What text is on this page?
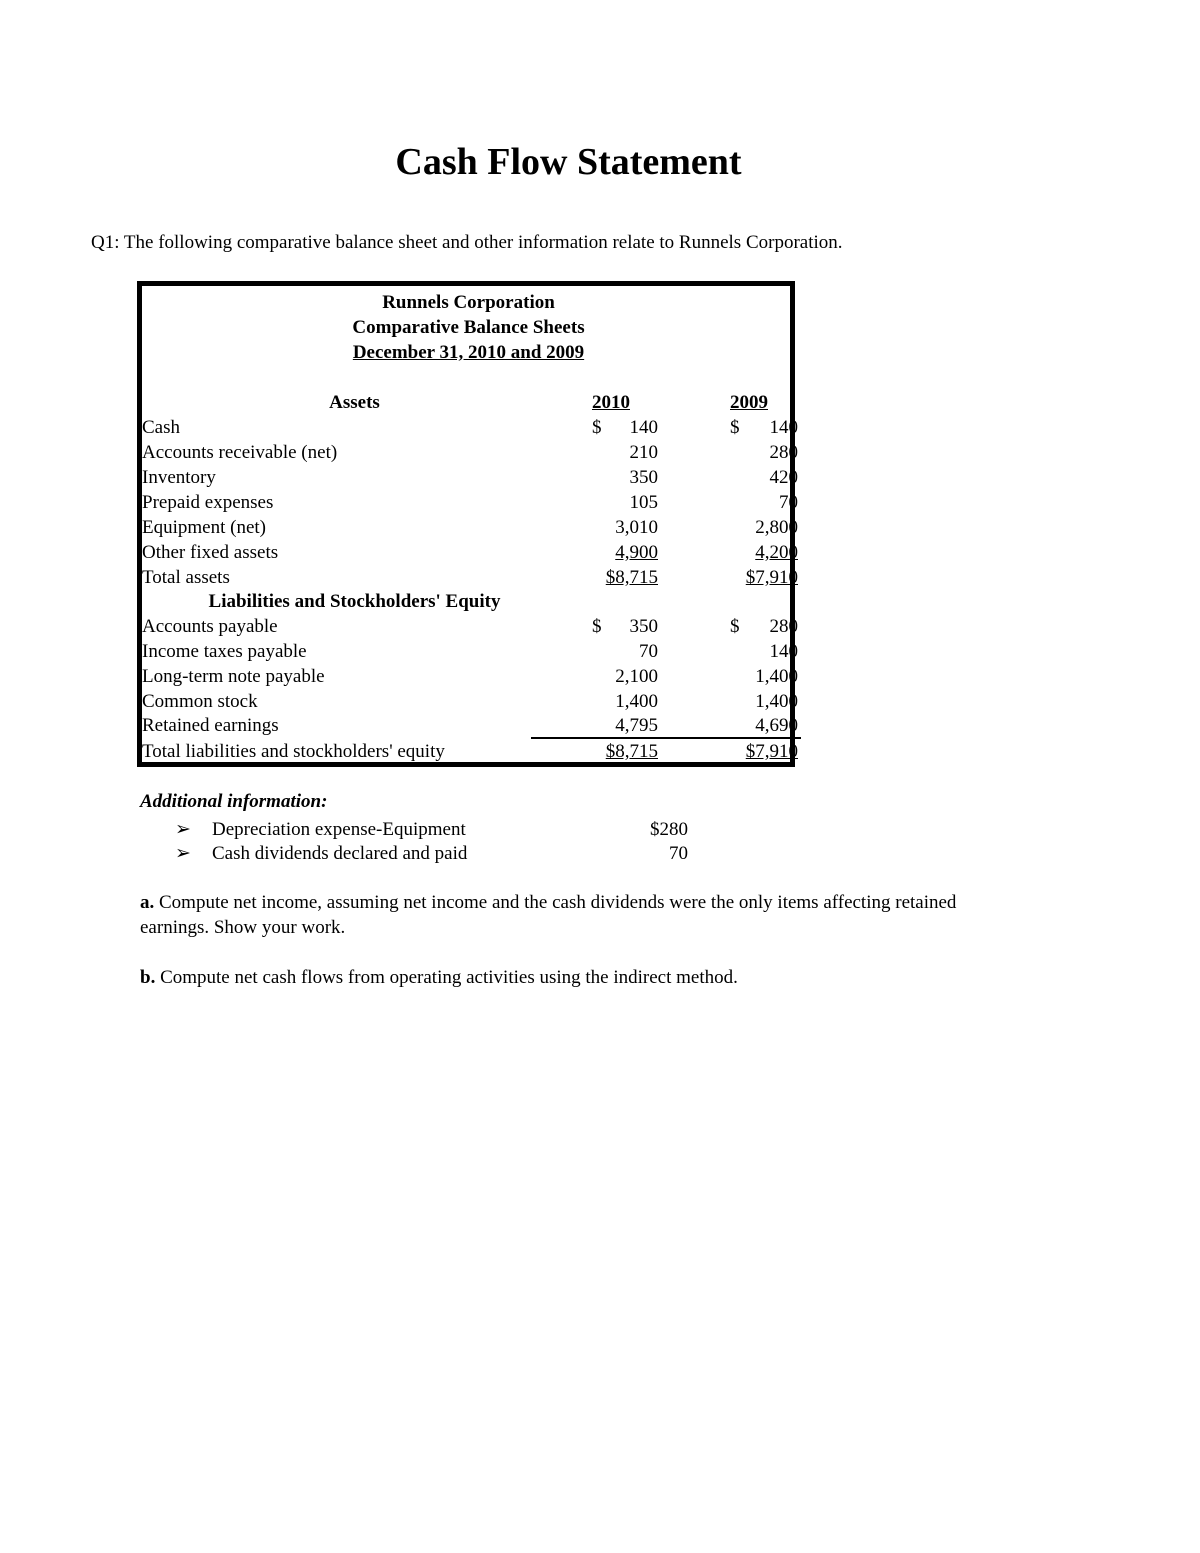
Cash Flow Statement

Q1: The following comparative balance sheet and other information relate to Runnels Corporation.

Runnels Corporation

Comparative Balance Sheets

December 31, 2010 and 2009

Assets	2010	2009
Cash	$	140	$	140
Accounts receivable (net)	210	280
Inventory	350	420
Prepaid expenses	105	70
Equipment (net)	3,010	2,800
Other fixed assets	4,900	4,200
Total assets	$8,715	$7,910
Liabilities and Stockholders' Equity
Accounts payable	$	350	$	280
Income taxes payable	70	140
Long-term note payable	2,100	1,400
Common stock	1,400	1,400
Retained earnings	4,795	4,690
Total liabilities and stockholders' equity	$8,715	$7,910

Additional information:

➢ Depreciation expense-Equipment	$280
➢ Cash dividends declared and paid	70

a. Compute net income, assuming net income and the cash dividends were the only items affecting retained earnings. Show your work.

b. Compute net cash flows from operating activities using the indirect method.
